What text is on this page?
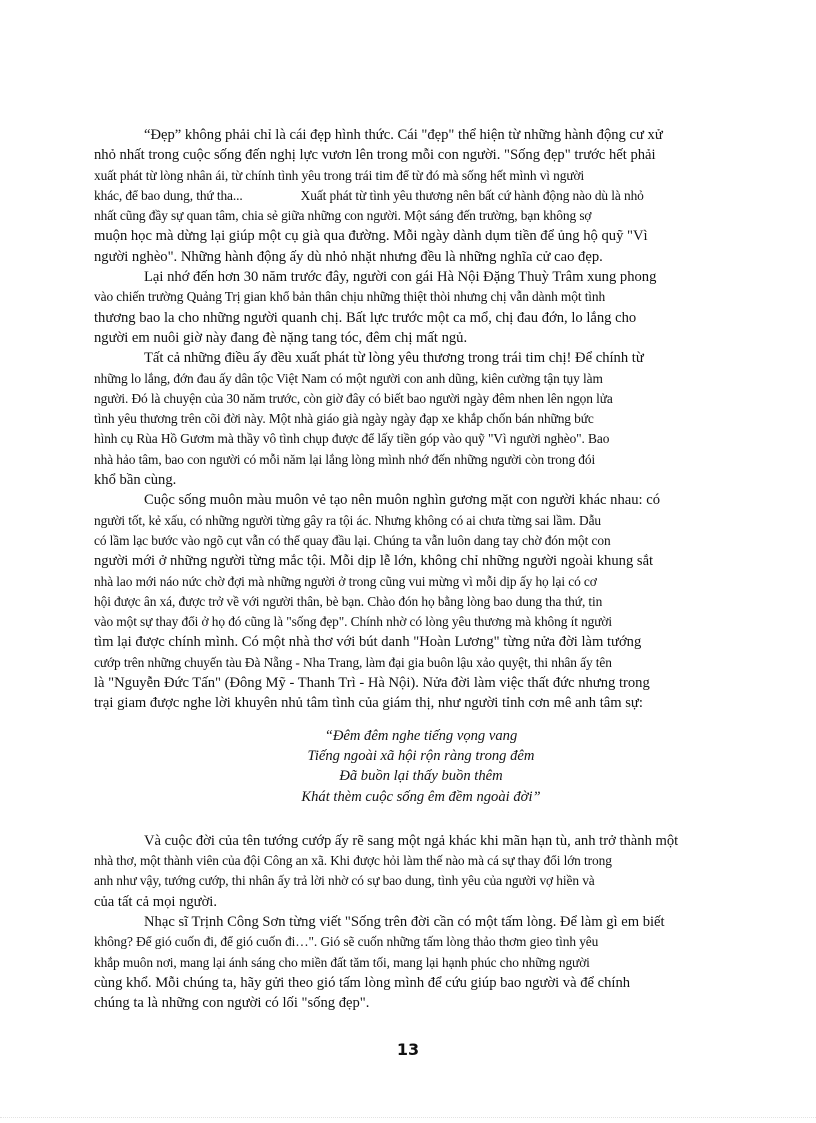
“Đẹp” không phải chỉ là cái đẹp hình thức. Cái "đẹp" thể hiện từ những hành động cư xử
nhỏ nhất trong cuộc sống đến nghị lực vươn lên trong mỗi con người. "Sống đẹp" trước hết phải
xuất phát từ lòng nhân ái, từ chính tình yêu trong trái tim để từ đó mà sống hết mình vì người
khác, để bao dung, thứ tha...	Xuất phát từ tình yêu thương nên bất cứ hành động nào dù là nhỏ
nhất cũng đầy sự quan tâm, chia sẻ giữa những con người. Một sáng đến trường, bạn không sợ
muộn học mà dừng lại giúp một cụ già qua đường. Mỗi ngày dành dụm tiền để ủng hộ quỹ "Vì
người nghèo". Những hành động ấy dù nhỏ nhặt nhưng đều là những nghĩa cử cao đẹp.

Lại nhớ đến hơn 30 năm trước đây, người con gái Hà Nội Đặng Thuỳ Trâm xung phong
vào chiến trường Quảng Trị gian khổ bản thân chịu những thiệt thòi nhưng chị vẫn dành một tình
thương bao la cho những người quanh chị. Bất lực trước một ca mổ, chị đau đớn, lo lắng cho
người em nuôi giờ này đang đè nặng tang tóc, đêm chị mất ngủ.

Tất cả những điều ấy đều xuất phát từ lòng yêu thương trong trái tim chị! Để chính từ
những lo lắng, đớn đau ấy dân tộc Việt Nam có một người con anh dũng, kiên cường tận tụy làm
người. Đó là chuyện của 30 năm trước, còn giờ đây có biết bao người ngày đêm nhen lên ngọn lửa
tình yêu thương trên cõi đời này. Một nhà giáo già ngày ngày đạp xe khắp chốn bán những bức
hình cụ Rùa Hồ Gươm mà thầy vô tình chụp được để lấy tiền góp vào quỹ "Vì người nghèo". Bao
nhà hảo tâm, bao con người có mỗi năm lại lắng lòng mình nhớ đến những người còn trong đói
khổ bần cùng.

Cuộc sống muôn màu muôn vẻ tạo nên muôn nghìn gương mặt con người khác nhau: có
người tốt, kẻ xấu, có những người từng gây ra tội ác. Nhưng không có ai chưa từng sai lầm. Dẫu
có lầm lạc bước vào ngõ cụt vẫn có thể quay đầu lại. Chúng ta vẫn luôn dang tay chờ đón một con
người mới ở những người từng mắc tội. Mỗi dịp lễ lớn, không chỉ những người ngoài khung sắt
nhà lao mới náo nức chờ đợi mà những người ở trong cũng vui mừng vì mỗi dịp ấy họ lại có cơ
hội được ân xá, được trở về với người thân, bè bạn. Chào đón họ bằng lòng bao dung tha thứ, tin
vào một sự thay đổi ở họ đó cũng là "sống đẹp". Chính nhờ có lòng yêu thương mà không ít người
tìm lại được chính mình. Có một nhà thơ với bút danh "Hoàn Lương" từng nửa đời làm tướng
cướp trên những chuyến tàu Đà Nẵng - Nha Trang, làm đại gia buôn lậu xảo quyệt, thi nhân ấy tên
là "Nguyễn Đức Tấn" (Đông Mỹ - Thanh Trì - Hà Nội). Nửa đời làm việc thất đức nhưng trong
trại giam được nghe lời khuyên nhủ tâm tình của giám thị, như người tỉnh cơn mê anh tâm sự:

“Đêm đêm nghe tiếng vọng vang
Tiếng ngoài xã hội rộn ràng trong đêm
Đã buồn lại thấy buồn thêm
Khát thèm cuộc sống êm đềm ngoài đời”

Và cuộc đời của tên tướng cướp ấy rẽ sang một ngả khác khi mãn hạn tù, anh trở thành một
nhà thơ, một thành viên của đội Công an xã. Khi được hỏi làm thế nào mà cá sự thay đổi lớn trong
anh như vậy, tướng cướp, thi nhân ấy trả lời nhờ có sự bao dung, tình yêu của người vợ hiền và
của tất cả mọi người.

Nhạc sĩ Trịnh Công Sơn từng viết "Sống trên đời cần có một tấm lòng. Để làm gì em biết
không? Để gió cuốn đi, để gió cuốn đi…". Gió sẽ cuốn những tấm lòng thảo thơm gieo tình yêu
khắp muôn nơi, mang lại ánh sáng cho miền đất tăm tối, mang lại hạnh phúc cho những người
cùng khổ. Mỗi chúng ta, hãy gửi theo gió tấm lòng mình để cứu giúp bao người và để chính
chúng ta là những con người có lối "sống đẹp".

13
